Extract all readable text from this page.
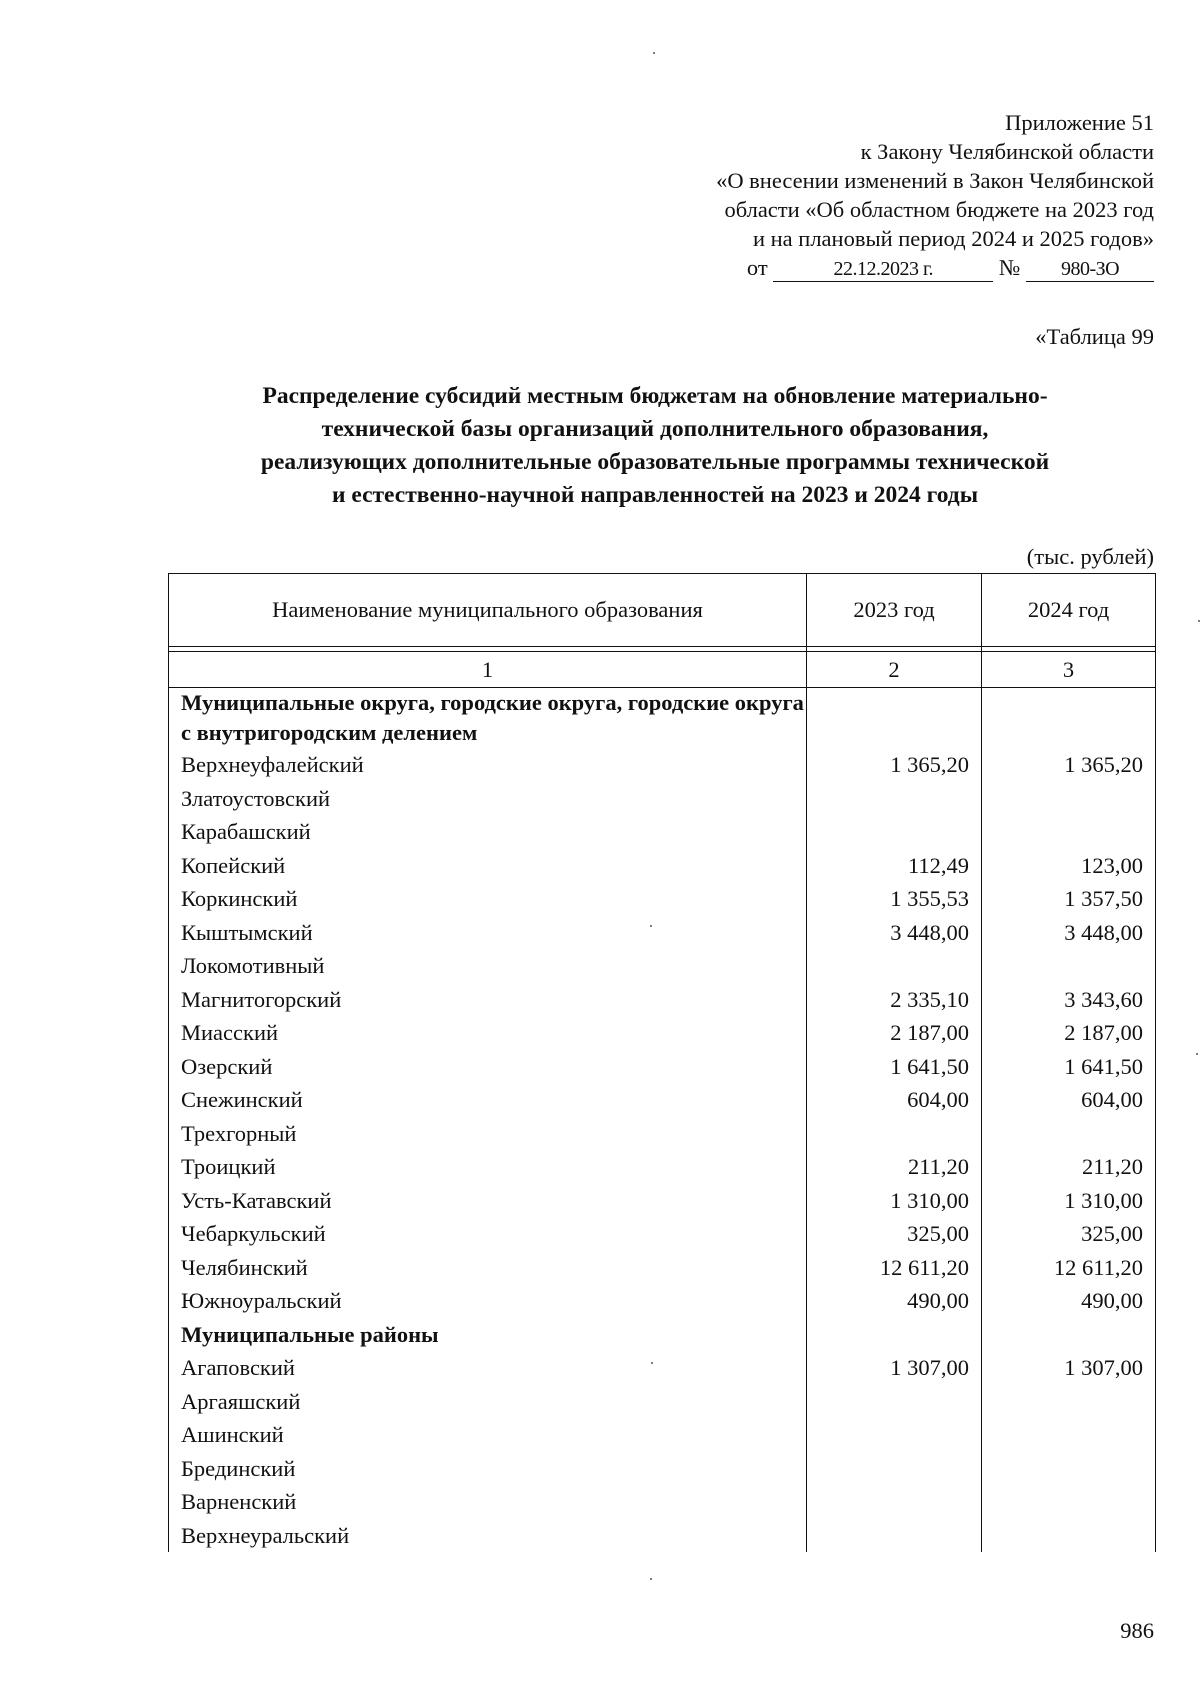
Приложение 51
к Закону Челябинской области
«О внесении изменений в Закон Челябинской
области «Об областном бюджете на 2023 год
и на плановый период 2024 и 2025 годов»
от	22.12.2023 г.	№ 980-ЗО
«Таблица 99
Распределение субсидий местным бюджетам на обновление материально-
технической базы организаций дополнительного образования,
реализующих дополнительные образовательные программы технической
и естественно-научной направленностей на 2023 и 2024 годы
(тыс. рублей)
Наименование муниципального образования	2023 год	2024 год

1	2	3
Муниципальные округа, городские округа, городские округа с внутригородским делением		
Верхнеуфалейский	1 365,20	1 365,20
Златоустовский		
Карабашский		
Копейский	112,49	123,00
Коркинский	1 355,53	1 357,50
Кыштымский	3 448,00	3 448,00
Локомотивный		
Магнитогорский	2 335,10	3 343,60
Миасский	2 187,00	2 187,00
Озерский	1 641,50	1 641,50
Снежинский	604,00	604,00
Трехгорный		
Троицкий	211,20	211,20
Усть-Катавский	1 310,00	1 310,00
Чебаркульский	325,00	325,00
Челябинский	12 611,20	12 611,20
Южноуральский	490,00	490,00
Муниципальные районы		
Агаповский	1 307,00	1 307,00
Аргаяшский		
Ашинский		
Брединский		
Варненский		
Верхнеуральский		
986
